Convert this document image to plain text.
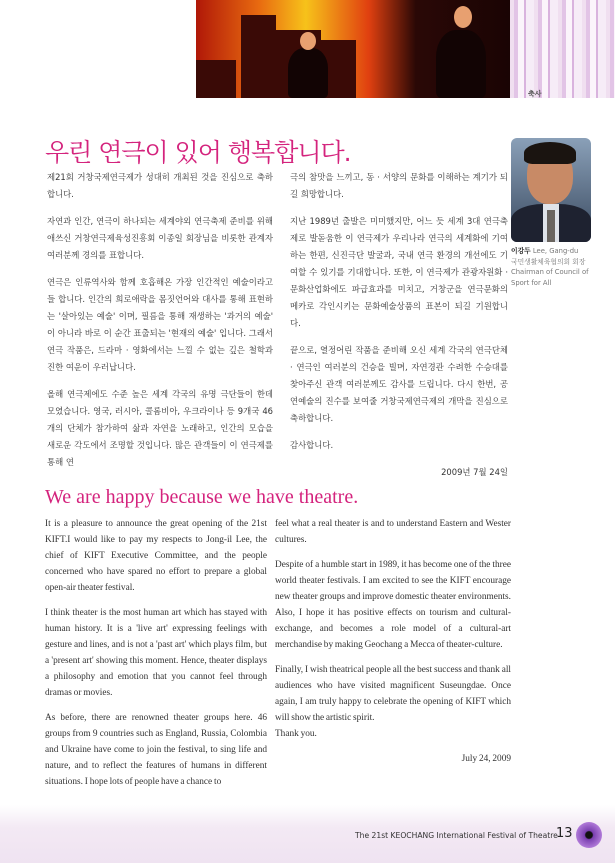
축사
우린 연극이 있어 행복합니다.

제21회 거창국제연극제가 성대히 개최된 것을 진심으로 축하합니다.

자연과 인간, 연극이 하나되는 세계야외 연극축제 준비를 위해 애쓰신 거창연극제육성진흥회 이종일 회장님을 비롯한 관계자 여러분께 경의를 표합니다.

연극은 인류역사와 함께 호흡해온 가장 인간적인 예술이라고들 합니다. 인간의 희로애락을 몸짓언어와 대사를 통해 표현하는 '살아있는 예술' 이며, 필름을 통해 재생하는 '과거의 예술' 이 아니라 바로 이 순간 표출되는 '현재의 예술' 입니다. 그래서 연극 작품은, 드라마 · 영화에서는 느낄 수 없는 깊은 철학과 진한 여운이 우러납니다.

올해 연극제에도 수준 높은 세계 각국의 유명 극단들이 한데 모였습니다. 영국, 러시아, 콜롬비아, 우크라이나 등 9개국 46개의 단체가 참가하여 삶과 자연을 노래하고, 인간의 모습을 새로운 각도에서 조명할 것입니다. 많은 관객들이 이 연극제를 통해 연

극의 참맛을 느끼고, 동 · 서양의 문화를 이해하는 계기가 되길 희망합니다.

지난 1989년 출발은 미미했지만, 어느 듯 세계 3대 연극축제로 발돋움한 이 연극제가 우리나라 연극의 세계화에 기여하는 한편, 신진극단 발굴과, 국내 연극 환경의 개선에도 기여할 수 있기를 기대합니다. 또한, 이 연극제가 관광자원화 · 문화산업화에도 파급효과를 미치고, 거창군을 연극문화의 메카로 각인시키는 문화예술상품의 표본이 되길 기원합니다.

끝으로, 열정어린 작품을 준비해 오신 세계 각국의 연극단체 · 연극인 여러분의 건승을 빌며, 자연경관 수려한 수승대를 찾아주신 관객 여러분께도 감사를 드립니다. 다시 한번, 공연예술의 진수를 보여줄 거창국제연극제의 개막을 진심으로 축하합니다.

감사합니다.

2009년 7월 24일

이강두 Lee, Gang-du
국민생활체육협의회 회장
Chairman of Council of Sport for All
We are happy because we have theatre.

It is a pleasure to announce the great opening of the 21st KIFT.I would like to pay my respects to Jong-il Lee, the chief of KIFT Executive Committee, and the people concerned who have spared no effort to prepare a global open-air theater festival.

I think theater is the most human art which has stayed with human history. It is a 'live art' expressing feelings with gesture and lines, and is not a 'past art' which plays film, but a 'present art' showing this moment. Hence, theater displays a philosophy and emotion that you cannot feel through dramas or movies.

As before, there are renowned theater groups here. 46 groups from 9 countries such as England, Russia, Colombia and Ukraine have come to join the festival, to sing life and nature, and to reflect the features of humans in different situations. I hope lots of people have a chance to

feel what a real theater is and to understand Eastern and Wester cultures.

Despite of a humble start in 1989, it has become one of the three world theater festivals. I am excited to see the KIFT encourage new theater groups and improve domestic theater environments. Also, I hope it has positive effects on tourism and cultural-exchange, and becomes a role model of a cultural-art merchandise by making Geochang a Mecca of theater-culture.

Finally, I wish theatrical people all the best success and thank all audiences who have visited magnificent Suseungdae. Once again, I am truly happy to celebrate the opening of KIFT which will show the artistic spirit.

Thank you.

July 24, 2009

The 21st KEOCHANG International Festival of Theatre
13
